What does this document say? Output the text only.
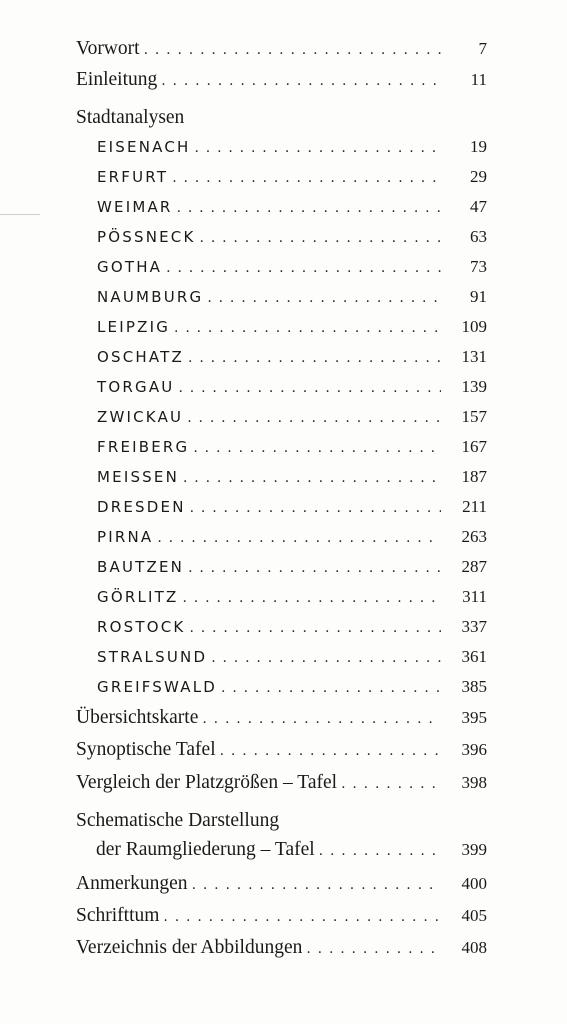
Vorwort . . .	7
Einleitung . . .	11
Stadtanalysen
EISENACH . . .	19
ERFURT . . .	29
WEIMAR . . .	47
PÖSSNECK . . .	63
GOTHA . . .	73
NAUMBURG . . .	91
LEIPZIG . . .	109
OSCHATZ . . .	131
TORGAU . . .	139
ZWICKAU . . .	157
FREIBERG . . .	167
MEISSEN . . .	187
DRESDEN . . .	211
PIRNA . . .	263
BAUTZEN . . .	287
GÖRLITZ . . .	311
ROSTOCK . . .	337
STRALSUND . . .	361
GREIFSWALD . . .	385
Übersichtskarte . . .	395
Synoptische Tafel . . .	396
Vergleich der Platzgrößen – Tafel . . .	398
Schematische Darstellung
der Raumgliederung – Tafel . . .	399
Anmerkungen . . .	400
Schrifttum . . .	405
Verzeichnis der Abbildungen . . .	408
